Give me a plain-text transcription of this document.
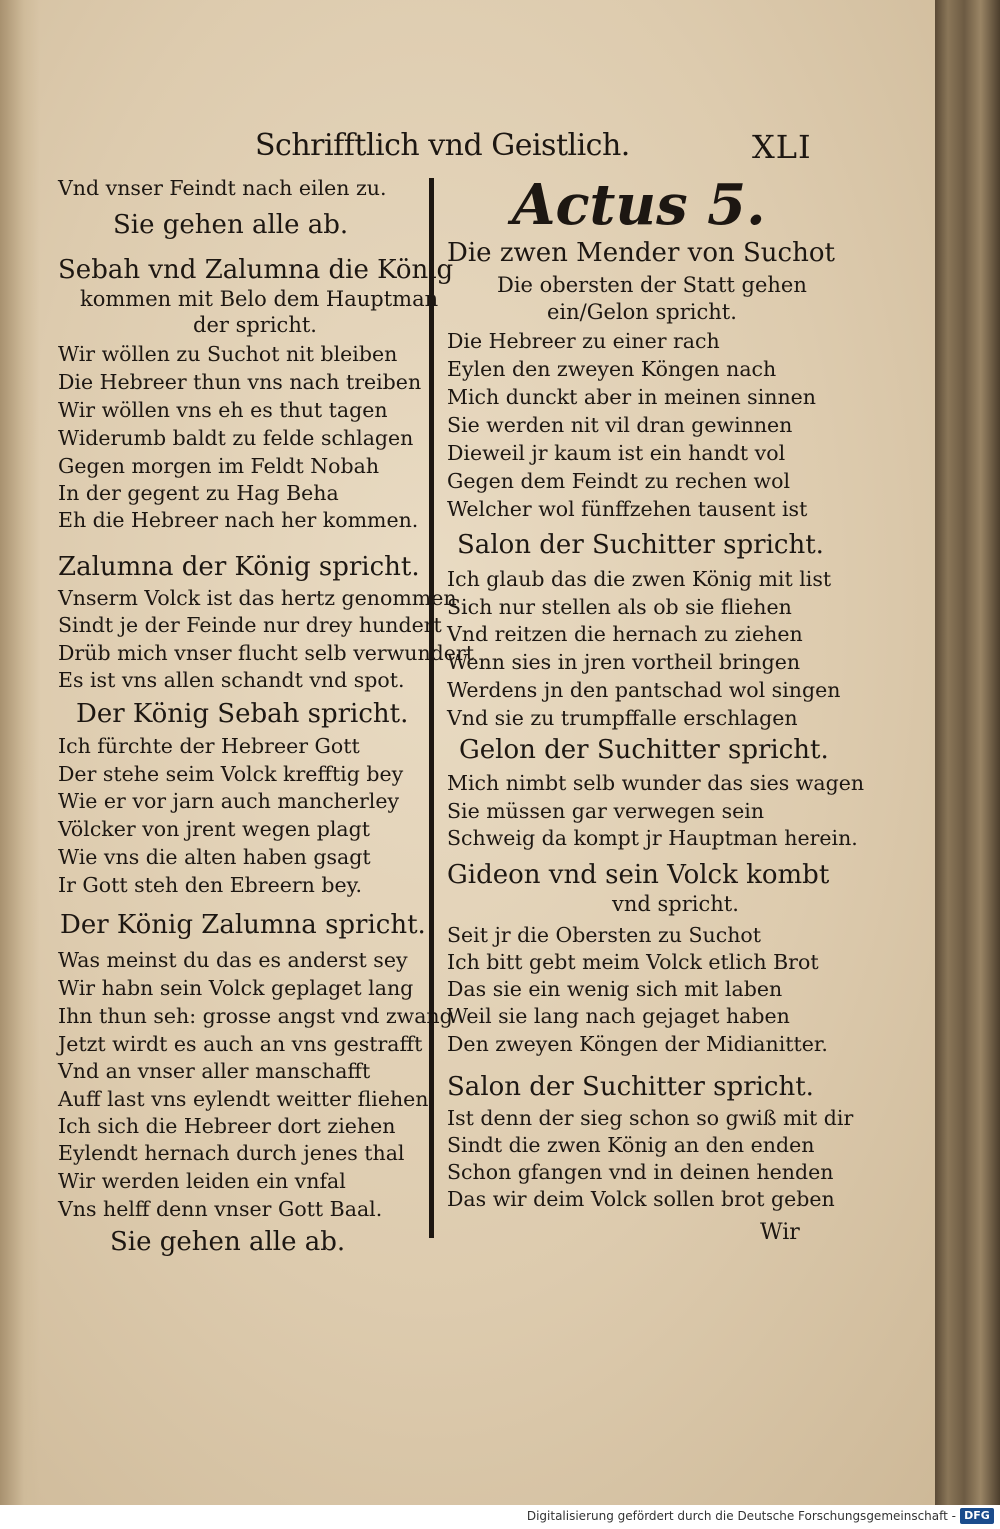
Schrifftlich vnd Geistlich.	XLI
Vnd vnser Feindt nach eilen zu.
Sie gehen alle ab.
Sebah vnd Zalumna die König
kommen mit Belo dem Hauptman
der spricht.
Wir wöllen zu Suchot nit bleiben
Die Hebreer thun vns nach treiben
Wir wöllen vns eh es thut tagen
Widerumb baldt zu felde schlagen
Gegen morgen im Feldt Nobah
In der gegent zu Hag Beha
Eh die Hebreer nach her kommen.
Zalumna der König spricht.
Vnserm Volck ist das hertz genommen
Sindt je der Feinde nur drey hundert
Drüb mich vnser flucht selb verwundert
Es ist vns allen schandt vnd spot.
Der König Sebah spricht.
Ich fürchte der Hebreer Gott
Der stehe seim Volck krefftig bey
Wie er vor jarn auch mancherley
Völcker von jrent wegen plagt
Wie vns die alten haben gsagt
Ir Gott steh den Ebreern bey.
Der König Zalumna spricht.
Was meinst du das es anderst sey
Wir habn sein Volck geplaget lang
Ihn thun seh: grosse angst vnd zwang
Jetzt wirdt es auch an vns gestrafft
Vnd an vnser aller manschafft
Auff last vns eylendt weitter fliehen
Ich sich die Hebreer dort ziehen
Eylendt hernach durch jenes thal
Wir werden leiden ein vnfal
Vns helff denn vnser Gott Baal.
Sie gehen alle ab.
Actus 5.
Die zwen Mender von Suchot
Die obersten der Statt gehen
ein/Gelon spricht.
Die Hebreer zu einer rach
Eylen den zweyen Köngen nach
Mich dunckt aber in meinen sinnen
Sie werden nit vil dran gewinnen
Dieweil jr kaum ist ein handt vol
Gegen dem Feindt zu rechen wol
Welcher wol fünffzehen tausent ist
Salon der Suchitter spricht.
Ich glaub das die zwen König mit list
Sich nur stellen als ob sie fliehen
Vnd reitzen die hernach zu ziehen
Wenn sies in jren vortheil bringen
Werdens jn den pantschad wol singen
Vnd sie zu trumpffalle erschlagen
Gelon der Suchitter spricht.
Mich nimbt selb wunder das sies wagen
Sie müssen gar verwegen sein
Schweig da kompt jr Hauptman herein.
Gideon vnd sein Volck kombt
vnd spricht.
Seit jr die Obersten zu Suchot
Ich bitt gebt meim Volck etlich Brot
Das sie ein wenig sich mit laben
Weil sie lang nach gejaget haben
Den zweyen Köngen der Midianitter.
Salon der Suchitter spricht.
Ist denn der sieg schon so gwiß mit dir
Sindt die zwen König an den enden
Schon gfangen vnd in deinen henden
Das wir deim Volck sollen brot geben
Wir
Digitalisierung gefördert durch die Deutsche Forschungsgemeinschaft - DFG
